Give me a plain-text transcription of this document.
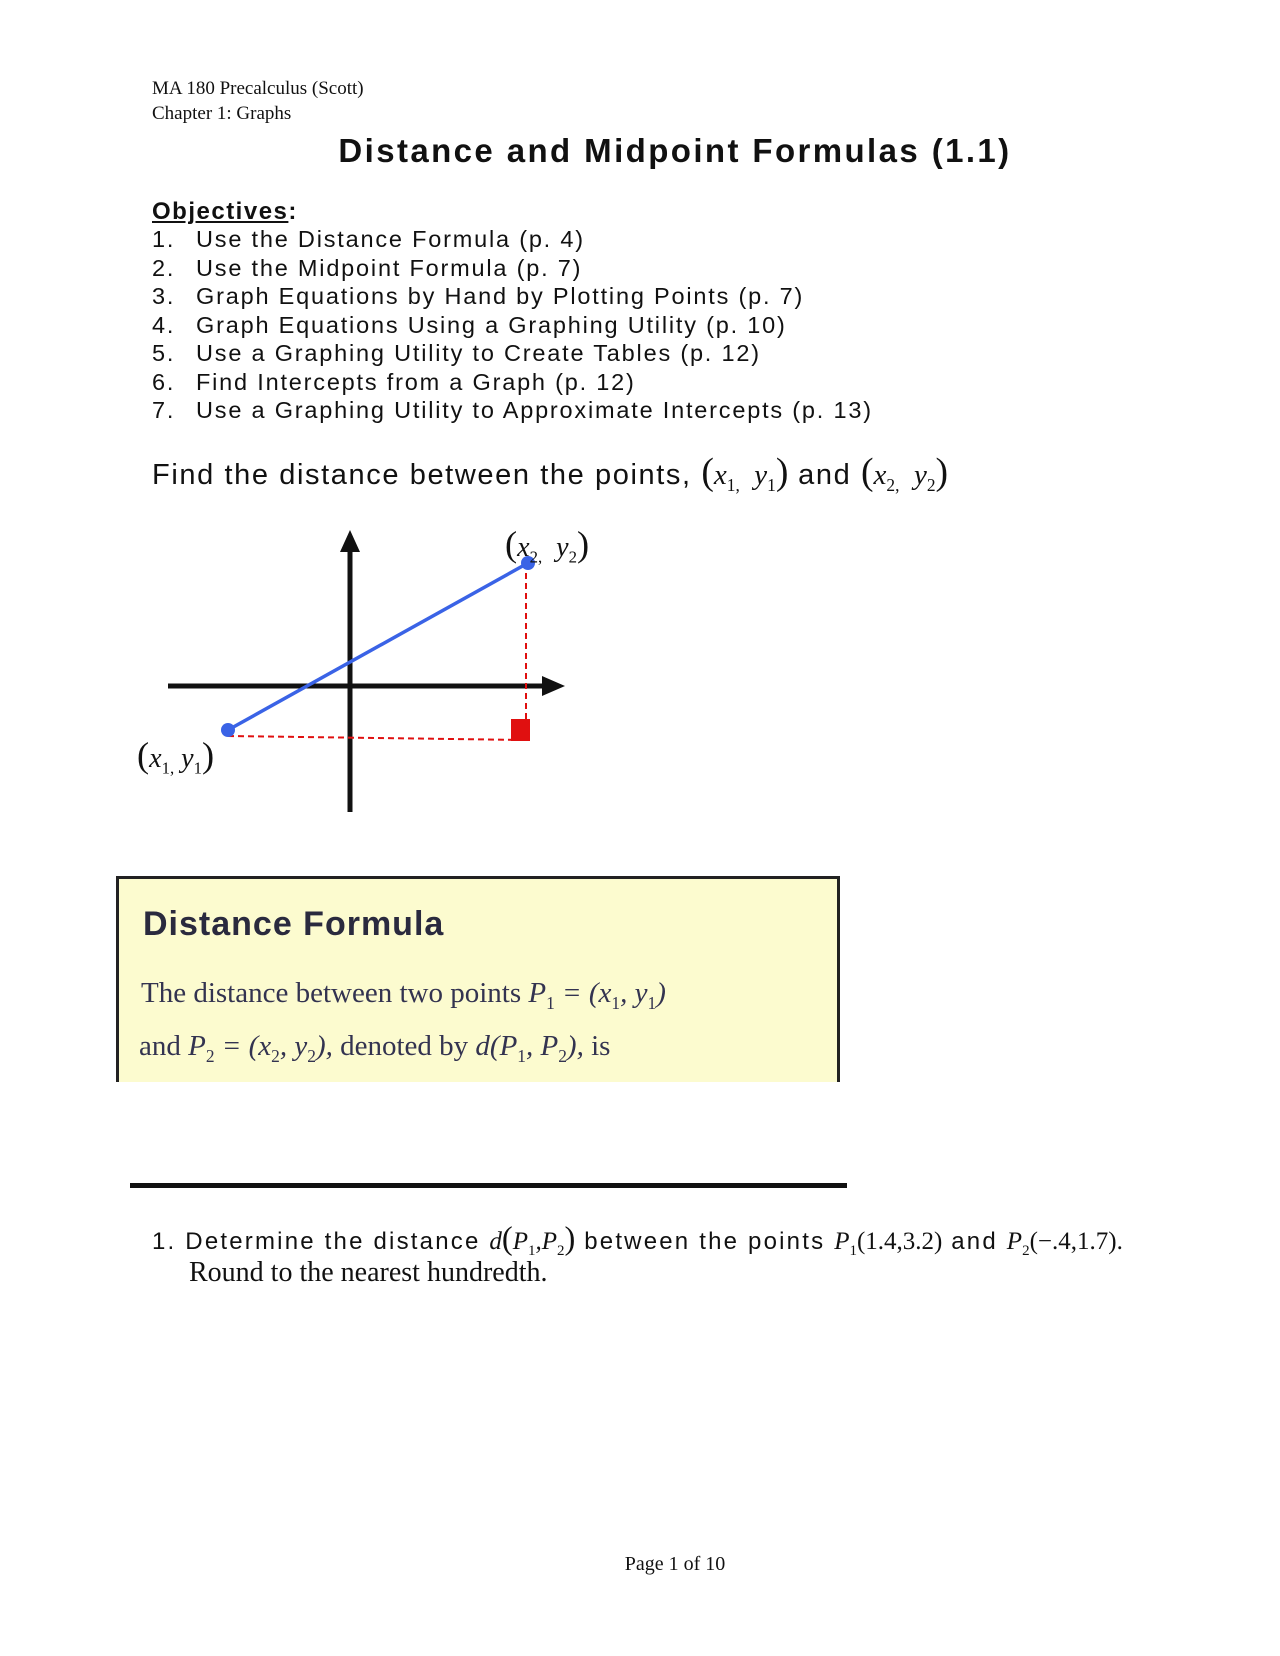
MA 180 Precalculus (Scott)
Chapter 1: Graphs
Distance and Midpoint Formulas (1.1)
Objectives:
1. Use the Distance Formula (p. 4)
2. Use the Midpoint Formula (p. 7)
3. Graph Equations by Hand by Plotting Points (p. 7)
4. Graph Equations Using a Graphing Utility (p. 10)
5. Use a Graphing Utility to Create Tables (p. 12)
6. Find Intercepts from a Graph (p. 12)
7. Use a Graphing Utility to Approximate Intercepts (p. 13)
Find the distance between the points, ($x_{1,}$  $y_1$) and ($x_{2,}$  $y_2$)
($x_{2,}$  $y_2$)
($x_{1,}$ $y_1$)
Distance Formula
The distance between two points $P_1 = (x_1$, $y_1$)
and $P_2 = (x_2$, $y_2$), denoted by $d(P_1$, $P_2$), is
1. Determine the distance $d(P_1,P_2)$ between the points $P_1(1.4,3.2)$ and $P_2(-.4,1.7)$.
Round to the nearest hundredth.
Page 1 of 10
